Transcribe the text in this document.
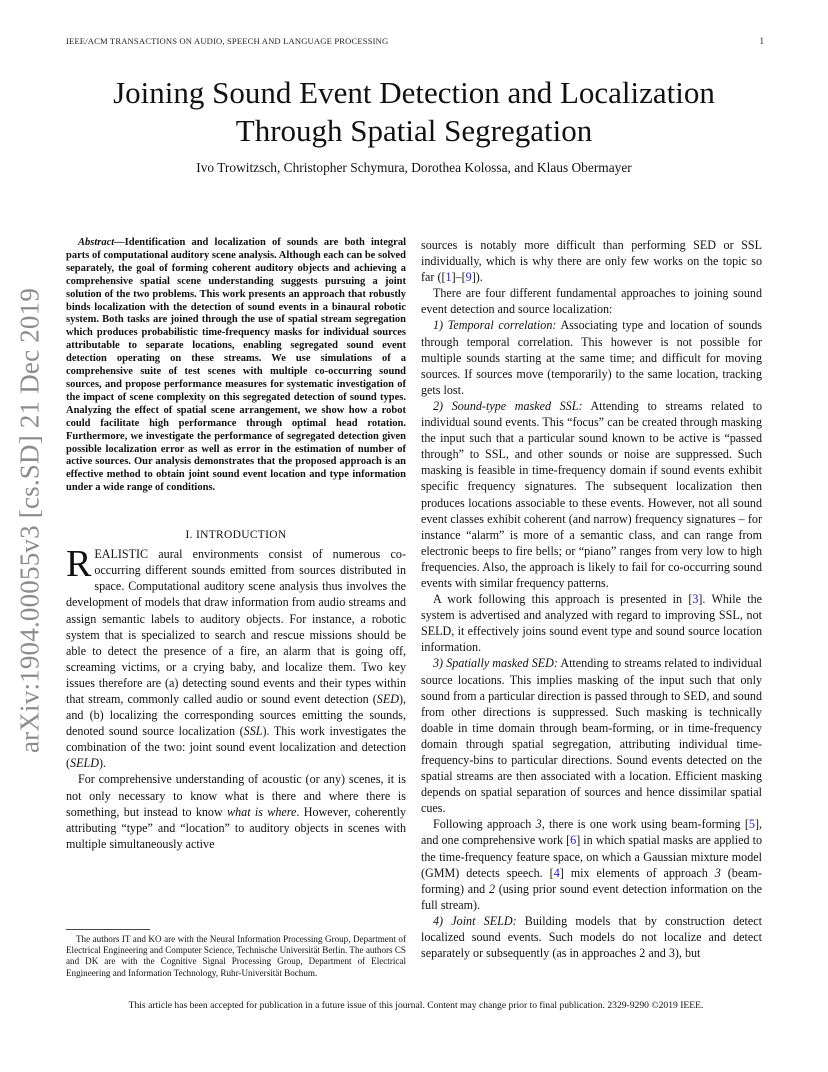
IEEE/ACM TRANSACTIONS ON AUDIO, SPEECH AND LANGUAGE PROCESSING	1
arXiv:1904.00055v3 [cs.SD] 21 Dec 2019
Joining Sound Event Detection and Localization
Through Spatial Segregation
Ivo Trowitzsch, Christopher Schymura, Dorothea Kolossa, and Klaus Obermayer

Abstract—Identification and localization of sounds are both integral parts of computational auditory scene analysis. Although each can be solved separately, the goal of forming coherent auditory objects and achieving a comprehensive spatial scene understanding suggests pursuing a joint solution of the two problems. This work presents an approach that robustly binds localization with the detection of sound events in a binaural robotic system. Both tasks are joined through the use of spatial stream segregation which produces probabilistic time-frequency masks for individual sources attributable to separate locations, enabling segregated sound event detection operating on these streams. We use simulations of a comprehensive suite of test scenes with multiple co-occurring sound sources, and propose performance measures for systematic investigation of the impact of scene complexity on this segregated detection of sound types. Analyzing the effect of spatial scene arrangement, we show how a robot could facilitate high performance through optimal head rotation. Furthermore, we investigate the performance of segregated detection given possible localization error as well as error in the estimation of number of active sources. Our analysis demonstrates that the proposed approach is an effective method to obtain joint sound event location and type information under a wide range of conditions.

I. INTRODUCTION

REALISTIC aural environments consist of numerous co-occurring different sounds emitted from sources distributed in space. Computational auditory scene analysis thus involves the development of models that draw information from audio streams and assign semantic labels to auditory objects. For instance, a robotic system that is specialized to search and rescue missions should be able to detect the presence of a fire, an alarm that is going off, screaming victims, or a crying baby, and localize them. Two key issues therefore are (a) detecting sound events and their types within that stream, commonly called audio or sound event detection (SED), and (b) localizing the corresponding sources emitting the sounds, denoted sound source localization (SSL). This work investigates the combination of the two: joint sound event localization and detection (SELD).

For comprehensive understanding of acoustic (or any) scenes, it is not only necessary to know what is there and where there is something, but instead to know what is where. However, coherently attributing “type” and “location” to auditory objects in scenes with multiple simultaneously active

The authors IT and KO are with the Neural Information Processing Group, Department of Electrical Engineering and Computer Science, Technische Universität Berlin. The authors CS and DK are with the Cognitive Signal Processing Group, Department of Electrical Engineering and Information Technology, Ruhr-Universität Bochum.

sources is notably more difficult than performing SED or SSL individually, which is why there are only few works on the topic so far ([1]–[9]).

There are four different fundamental approaches to joining sound event detection and source localization:

1) Temporal correlation: Associating type and location of sounds through temporal correlation. This however is not possible for multiple sounds starting at the same time; and difficult for moving sources. If sources move (temporarily) to the same location, tracking gets lost.

2) Sound-type masked SSL: Attending to streams related to individual sound events. This “focus” can be created through masking the input such that a particular sound known to be active is “passed through” to SSL, and other sounds or noise are suppressed. Such masking is feasible in time-frequency domain if sound events exhibit specific frequency signatures. The subsequent localization then produces locations associable to these events. However, not all sound event classes exhibit coherent (and narrow) frequency signatures – for instance “alarm” is more of a semantic class, and can range from electronic beeps to fire bells; or “piano” ranges from very low to high frequencies. Also, the approach is likely to fail for co-occurring sound events with similar frequency patterns.

A work following this approach is presented in [3]. While the system is advertised and analyzed with regard to improving SSL, not SELD, it effectively joins sound event type and sound source location information.

3) Spatially masked SED: Attending to streams related to individual source locations. This implies masking of the input such that only sound from a particular direction is passed through to SED, and sound from other directions is suppressed. Such masking is technically doable in time domain through beam-forming, or in time-frequency domain through spatial segregation, attributing individual time-frequency-bins to particular directions. Sound events detected on the spatial streams are then associated with a location. Efficient masking depends on spatial separation of sources and hence dissimilar spatial cues.

Following approach 3, there is one work using beam-forming [5], and one comprehensive work [6] in which spatial masks are applied to the time-frequency feature space, on which a Gaussian mixture model (GMM) detects speech. [4] mix elements of approach 3 (beam-forming) and 2 (using prior sound event detection information on the full stream).

4) Joint SELD: Building models that by construction detect localized sound events. Such models do not localize and detect separately or subsequently (as in approaches 2 and 3), but

This article has been accepted for publication in a future issue of this journal. Content may change prior to final publication. 2329-9290 ©2019 IEEE.
